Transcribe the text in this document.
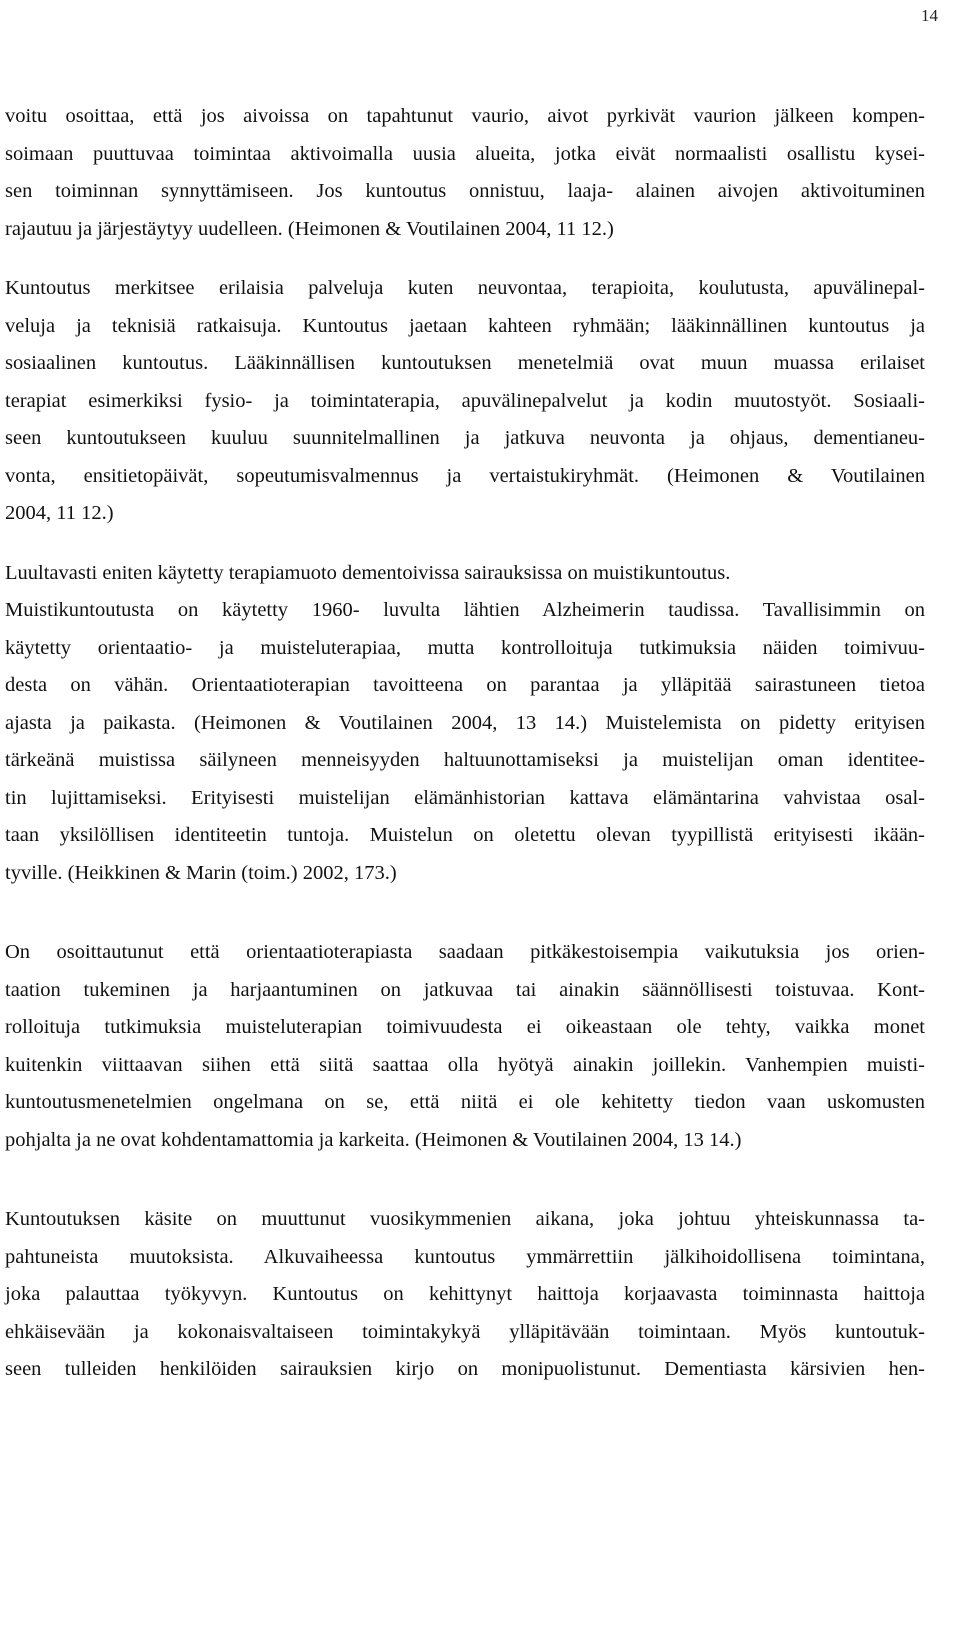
14
voitu osoittaa, että jos aivoissa on tapahtunut vaurio, aivot pyrkivät vaurion jälkeen kompen-
soimaan puuttuvaa toimintaa aktivoimalla uusia alueita, jotka eivät normaalisti osallistu kysei-
sen toiminnan synnyttämiseen. Jos kuntoutus onnistuu, laaja- alainen aivojen aktivoituminen
rajautuu ja järjestäytyy uudelleen. (Heimonen & Voutilainen 2004, 11 12.)
Kuntoutus merkitsee erilaisia palveluja kuten neuvontaa, terapioita, koulutusta, apuvälinepal-
veluja ja teknisiä ratkaisuja. Kuntoutus jaetaan kahteen ryhmään; lääkinnällinen kuntoutus ja
sosiaalinen kuntoutus. Lääkinnällisen kuntoutuksen menetelmiä ovat muun muassa erilaiset
terapiat esimerkiksi fysio- ja toimintaterapia, apuvälinepalvelut ja kodin muutostyöt. Sosiaali-
seen kuntoutukseen kuuluu suunnitelmallinen ja jatkuva neuvonta ja ohjaus, dementianeu-
vonta, ensitietopäivät, sopeutumisvalmennus ja vertaistukiryhmät. (Heimonen & Voutilainen
2004, 11 12.)
Luultavasti eniten käytetty terapiamuoto dementoivissa sairauksissa on muistikuntoutus.
Muistikuntoutusta on käytetty 1960- luvulta lähtien Alzheimerin taudissa. Tavallisimmin on
käytetty orientaatio- ja muisteluterapiaa, mutta kontrolloituja tutkimuksia näiden toimivuu-
desta on vähän. Orientaatioterapian tavoitteena on parantaa ja ylläpitää sairastuneen tietoa
ajasta ja paikasta. (Heimonen & Voutilainen 2004, 13 14.) Muistelemista on pidetty erityisen
tärkeänä muistissa säilyneen menneisyyden haltuunottamiseksi ja muistelijan oman identitee-
tin lujittamiseksi. Erityisesti muistelijan elämänhistorian kattava elämäntarina vahvistaa osal-
taan yksilöllisen identiteetin tuntoja. Muistelun on oletettu olevan tyypillistä erityisesti ikään-
tyville. (Heikkinen & Marin (toim.) 2002, 173.)
On osoittautunut että orientaatioterapiasta saadaan pitkäkestoisempia vaikutuksia jos orien-
taation tukeminen ja harjaantuminen on jatkuvaa tai ainakin säännöllisesti toistuvaa. Kont-
rolloituja tutkimuksia muisteluterapian toimivuudesta ei oikeastaan ole tehty, vaikka monet
kuitenkin viittaavan siihen että siitä saattaa olla hyötyä ainakin joillekin. Vanhempien muisti-
kuntoutusmenetelmien ongelmana on se, että niitä ei ole kehitetty tiedon vaan uskomusten
pohjalta ja ne ovat kohdentamattomia ja karkeita. (Heimonen & Voutilainen 2004, 13 14.)
Kuntoutuksen käsite on muuttunut vuosikymmenien aikana, joka johtuu yhteiskunnassa ta-
pahtuneista muutoksista. Alkuvaiheessa kuntoutus ymmärrettiin jälkihoidollisena toimintana,
joka palauttaa työkyvyn. Kuntoutus on kehittynyt haittoja korjaavasta toiminnasta haittoja
ehkäisevään ja kokonaisvaltaiseen toimintakykyä ylläpitävään toimintaan. Myös kuntoutuk-
seen tulleiden henkilöiden sairauksien kirjo on monipuolistunut. Dementiasta kärsivien hen-
